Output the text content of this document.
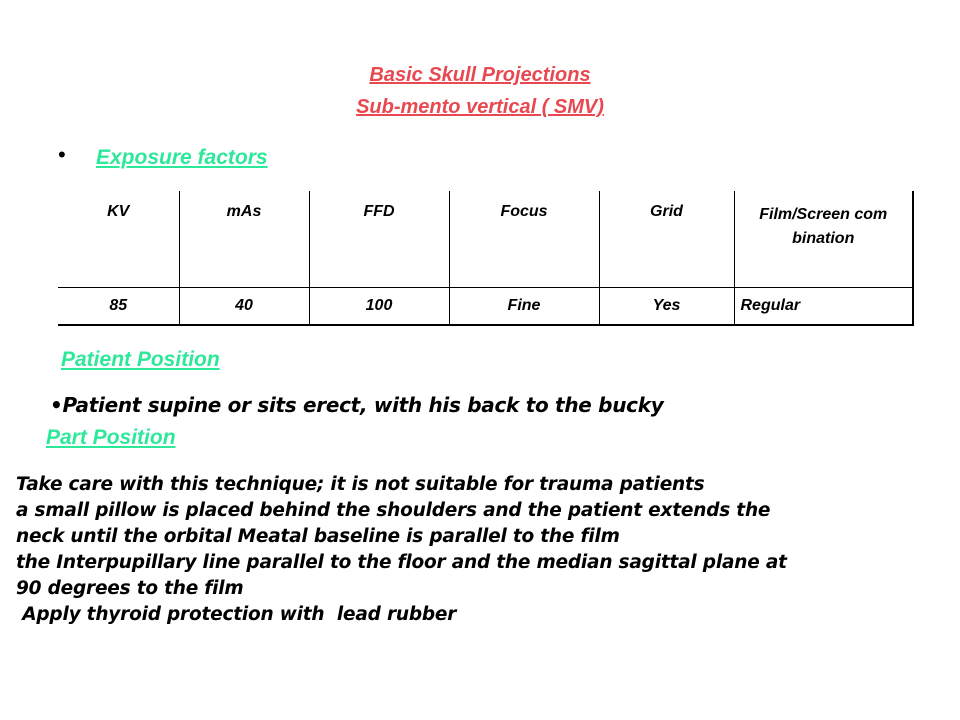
Basic Skull Projections
Sub-mento vertical ( SMV)
• Exposure factors
KV	mAs	FFD	Focus	Grid	Film/Screen combination
85	40	100	Fine	Yes	Regular
Patient Position
•Patient supine or sits erect, with his back to the bucky
Part Position
Take care with this technique; it is not suitable for trauma patients
a small pillow is placed behind the shoulders and the patient extends the
neck until the orbital Meatal baseline is parallel to the film
the Interpupillary line parallel to the floor and the median sagittal plane at
90 degrees to the film
Apply thyroid protection with  lead rubber
